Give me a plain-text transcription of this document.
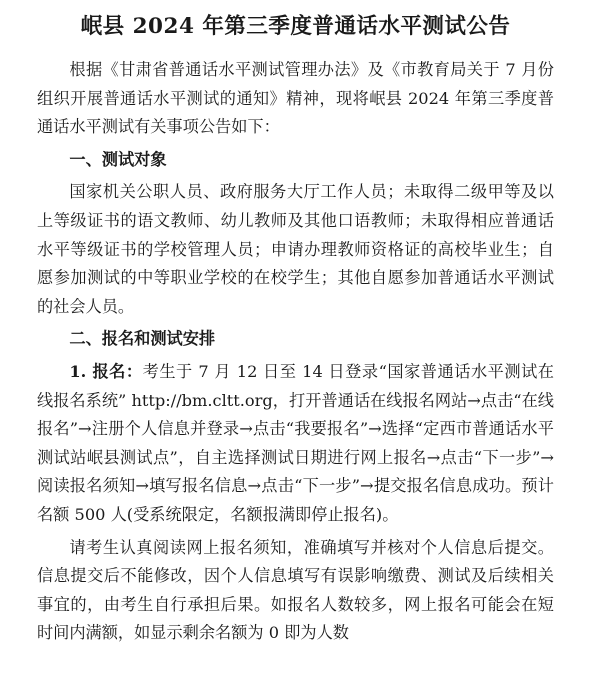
岷县 2024 年第三季度普通话水平测试公告

根据《甘肃省普通话水平测试管理办法》及《市教育局关于 7 月份组织开展普通话水平测试的通知》精神，现将岷县 2024 年第三季度普通话水平测试有关事项公告如下：

一、测试对象

国家机关公职人员、政府服务大厅工作人员；未取得二级甲等及以上等级证书的语文教师、幼儿教师及其他口语教师；未取得相应普通话水平等级证书的学校管理人员；申请办理教师资格证的高校毕业生；自愿参加测试的中等职业学校的在校学生；其他自愿参加普通话水平测试的社会人员。

二、报名和测试安排

1. 报名：考生于 7 月 12 日至 14 日登录“国家普通话水平测试在线报名系统” http://bm.cltt.org，打开普通话在线报名网站→点击“在线报名”→注册个人信息并登录→点击“我要报名”→选择“定西市普通话水平测试站岷县测试点”，自主选择测试日期进行网上报名→点击“下一步”→阅读报名须知→填写报名信息→点击“下一步”→提交报名信息成功。预计名额 500 人(受系统限定，名额报满即停止报名)。

请考生认真阅读网上报名须知，准确填写并核对个人信息后提交。信息提交后不能修改，因个人信息填写有误影响缴费、测试及后续相关事宜的，由考生自行承担后果。如报名人数较多，网上报名可能会在短时间内满额，如显示剩余名额为 0 即为人数
